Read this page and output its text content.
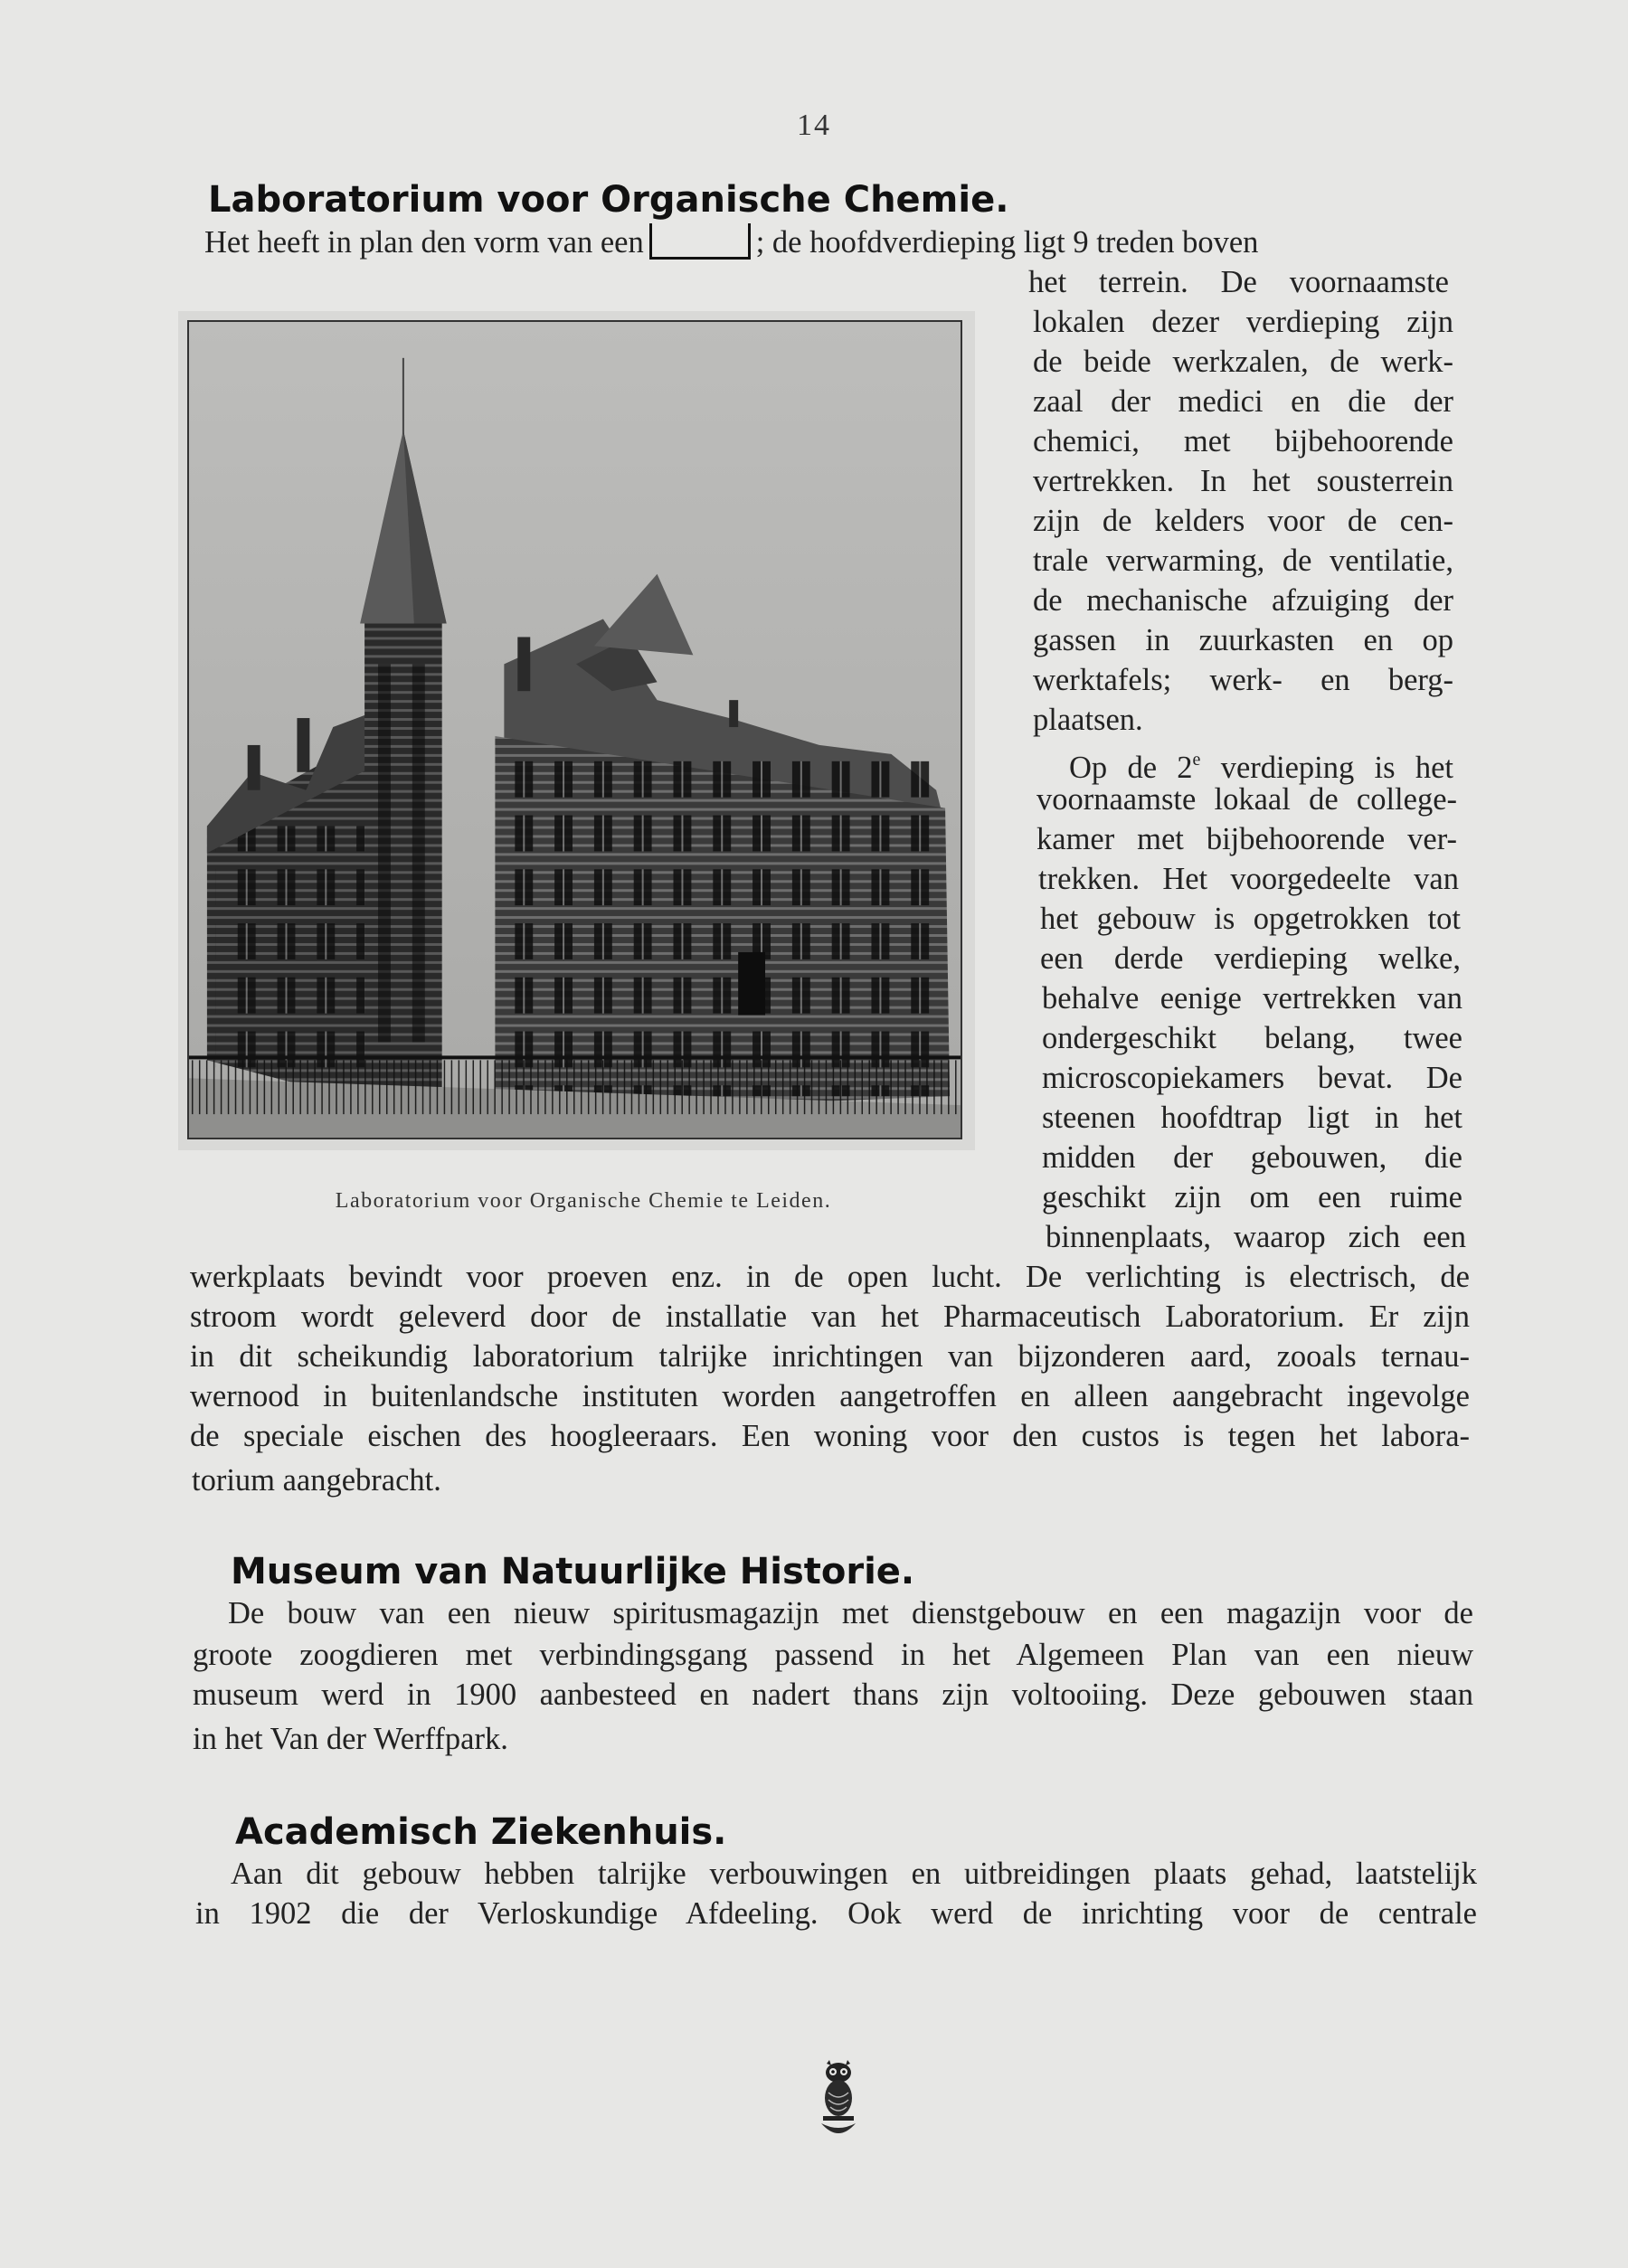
14
Laboratorium voor Organische Chemie.
Het heeft in plan den vorm van een	; de hoofdverdieping ligt 9 treden boven
Laboratorium voor Organische Chemie te Leiden.
het terrein. De voornaamste
lokalen dezer verdieping zijn
de beide werkzalen, de werk-
zaal der medici en die der
chemici, met bijbehoorende
vertrekken. In het sousterrein
zijn de kelders voor de cen-
trale verwarming, de ventilatie,
de mechanische afzuiging der
gassen in zuurkasten en op
werktafels; werk- en berg-
plaatsen.
Op de 2e verdieping is het
voornaamste lokaal de college-
kamer met bijbehoorende ver-
trekken. Het voorgedeelte van
het gebouw is opgetrokken tot
een derde verdieping welke,
behalve eenige vertrekken van
ondergeschikt belang, twee
microscopiekamers bevat. De
steenen hoofdtrap ligt in het
midden der gebouwen, die
geschikt zijn om een ruime
binnenplaats, waarop zich een
werkplaats bevindt voor proeven enz. in de open lucht. De verlichting is electrisch, de
stroom wordt geleverd door de installatie van het Pharmaceutisch Laboratorium. Er zijn
in dit scheikundig laboratorium talrijke inrichtingen van bijzonderen aard, zooals ternau-
wernood in buitenlandsche instituten worden aangetroffen en alleen aangebracht ingevolge
de speciale eischen des hoogleeraars. Een woning voor den custos is tegen het labora-
torium aangebracht.
Museum van Natuurlijke Historie.
De bouw van een nieuw spiritusmagazijn met dienstgebouw en een magazijn voor de
groote zoogdieren met verbindingsgang passend in het Algemeen Plan van een nieuw
museum werd in 1900 aanbesteed en nadert thans zijn voltooiing. Deze gebouwen staan
in het Van der Werffpark.
Academisch Ziekenhuis.
Aan dit gebouw hebben talrijke verbouwingen en uitbreidingen plaats gehad, laatstelijk
in 1902 die der Verloskundige Afdeeling. Ook werd de inrichting voor de centrale
